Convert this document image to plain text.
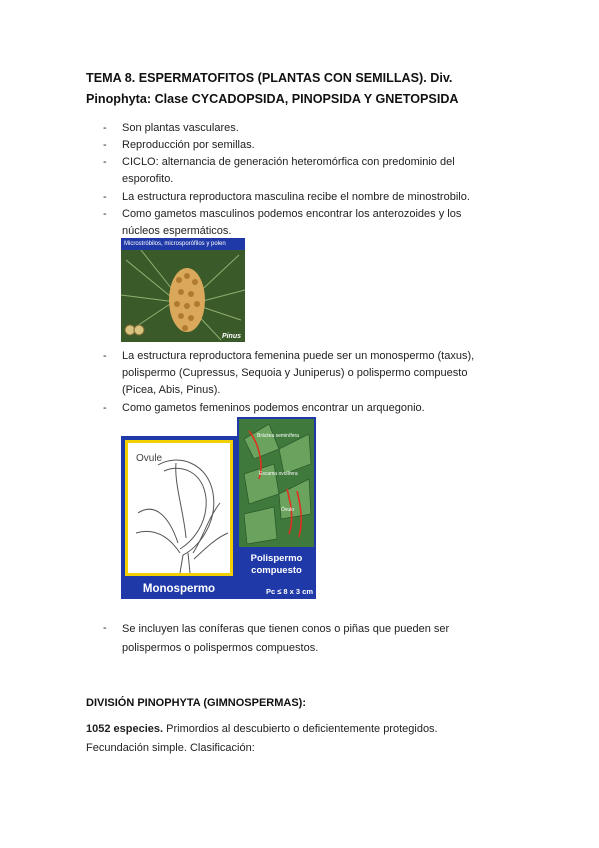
TEMA 8. ESPERMATOFITOS (PLANTAS CON SEMILLAS). Div.
Pinophyta: Clase CYCADOPSIDA, PINOPSIDA Y GNETOPSIDA
- Son plantas vasculares.
- Reproducción por semillas.
- CICLO: alternancia de generación heteromórfica con predominio del
esporofito.
- La estructura reproductora masculina recibe el nombre de minostrobilo.
- Como gametos masculinos podemos encontrar los anterozoides y los
núcleos espermáticos.
Microstróbilos, microsporófilos y polen
Pinus
- La estructura reproductora femenina puede ser un monospermo (taxus),
polispermo (Cupressus, Sequoia y Juniperus) o polispermo compuesto
(Picea, Abis, Pinus).
- Como gametos femeninos podemos encontrar un arquegonio.
Ovule
Monospermo
Bráctea seminífera
Escama ovulífera
Óvulo
Polispermo
compuesto
Pc ≤ 8 x 3 cm
- Se incluyen las coníferas que tienen conos o piñas que pueden ser
polispermos o polispermos compuestos.
DIVISIÓN PINOPHYTA (GIMNOSPERMAS):
1052 especies. Primordios al descubierto o deficientemente protegidos.
Fecundación simple. Clasificación:
